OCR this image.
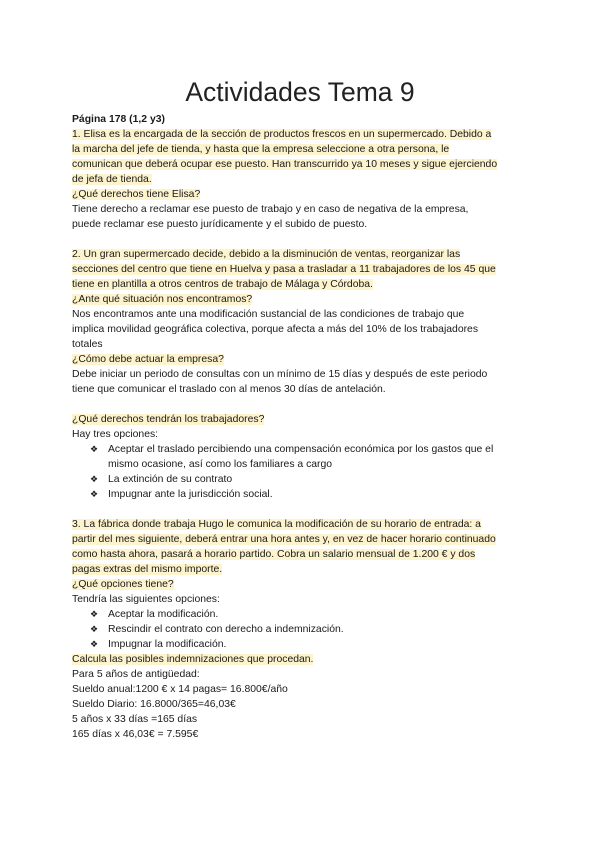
Actividades Tema 9
Página 178 (1,2 y3)
1. Elisa es la encargada de la sección de productos frescos en un supermercado. Debido a
la marcha del jefe de tienda, y hasta que la empresa seleccione a otra persona, le
comunican que deberá ocupar ese puesto. Han transcurrido ya 10 meses y sigue ejerciendo
de jefa de tienda.
¿Qué derechos tiene Elisa?
Tiene derecho a reclamar ese puesto de trabajo y en caso de negativa de la empresa,
puede reclamar ese puesto jurídicamente y el subido de puesto.
2. Un gran supermercado decide, debido a la disminución de ventas, reorganizar las
secciones del centro que tiene en Huelva y pasa a trasladar a 11 trabajadores de los 45 que
tiene en plantilla a otros centros de trabajo de Málaga y Córdoba.
¿Ante qué situación nos encontramos?
Nos encontramos ante una modificación sustancial de las condiciones de trabajo que
implica movilidad geográfica colectiva, porque afecta a más del 10% de los trabajadores
totales
¿Cómo debe actuar la empresa?
Debe iniciar un periodo de consultas con un mínimo de 15 días y después de este periodo
tiene que comunicar el traslado con al menos 30 días de antelación.
¿Qué derechos tendrán los trabajadores?
Hay tres opciones:
❖ Aceptar el traslado percibiendo una compensación económica por los gastos que el
mismo ocasione, así como los familiares a cargo
❖ La extinción de su contrato
❖ Impugnar ante la jurisdicción social.
3. La fábrica donde trabaja Hugo le comunica la modificación de su horario de entrada: a
partir del mes siguiente, deberá entrar una hora antes y, en vez de hacer horario continuado
como hasta ahora, pasará a horario partido. Cobra un salario mensual de 1.200 € y dos
pagas extras del mismo importe.
¿Qué opciones tiene?
Tendría las siguientes opciones:
❖ Aceptar la modificación.
❖ Rescindir el contrato con derecho a indemnización.
❖ Impugnar la modificación.
Calcula las posibles indemnizaciones que procedan.
Para 5 años de antigüedad:
Sueldo anual:1200 € x 14 pagas= 16.800€/año
Sueldo Diario: 16.8000/365=46,03€
5 años x 33 días =165 días
165 días x 46,03€ = 7.595€
